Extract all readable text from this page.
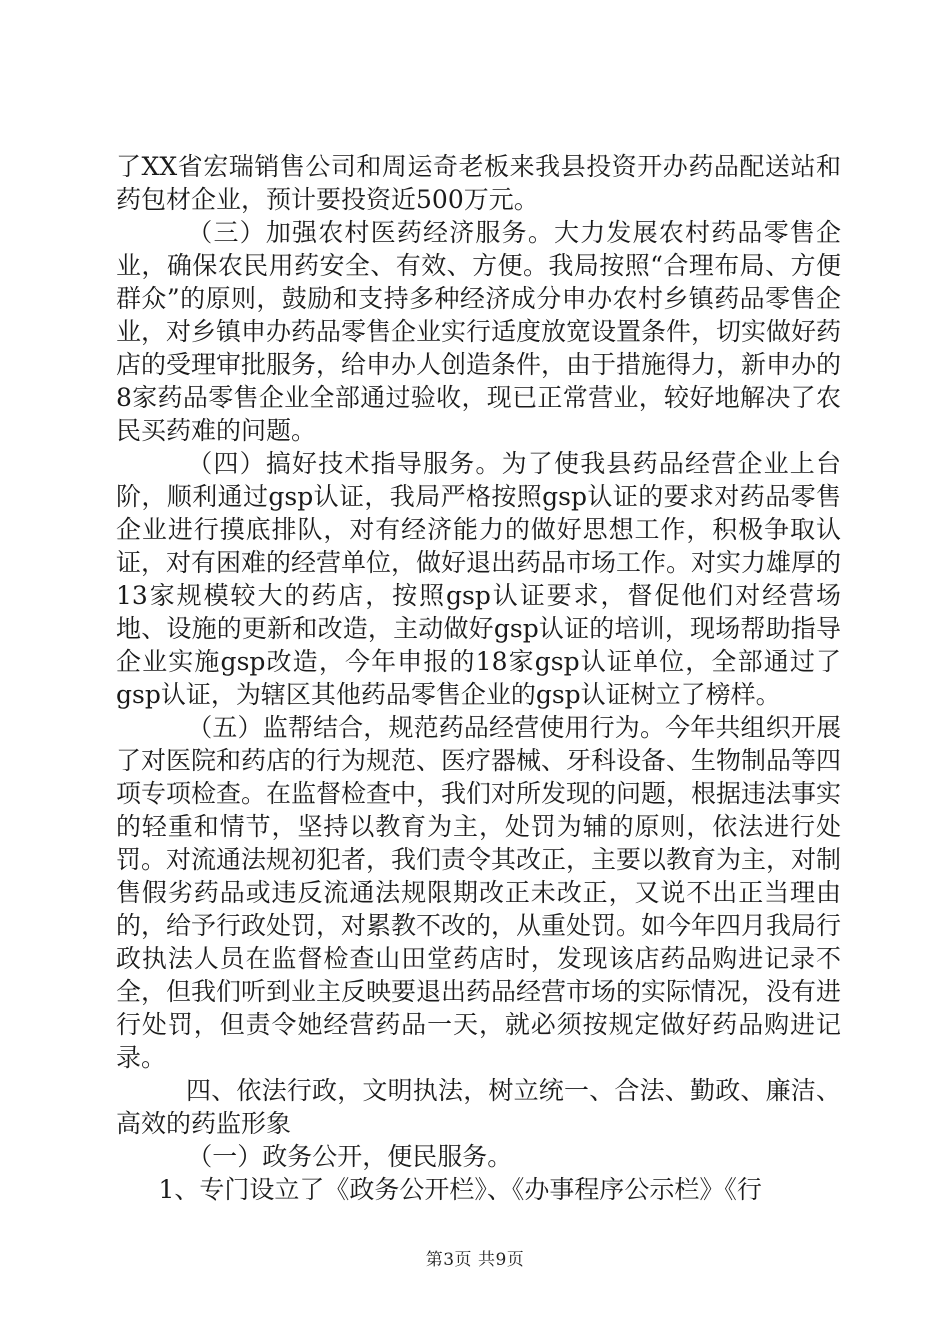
了XX省宏瑞销售公司和周运奇老板来我县投资开办药品配送站和药包材企业，预计要投资近500万元。

（三）加强农村医药经济服务。大力发展农村药品零售企业，确保农民用药安全、有效、方便。我局按照“合理布局、方便群众”的原则，鼓励和支持多种经济成分申办农村乡镇药品零售企业，对乡镇申办药品零售企业实行适度放宽设置条件，切实做好药店的受理审批服务，给申办人创造条件，由于措施得力，新申办的8家药品零售企业全部通过验收，现已正常营业，较好地解决了农民买药难的问题。

（四）搞好技术指导服务。为了使我县药品经营企业上台阶，顺利通过gsp认证，我局严格按照gsp认证的要求对药品零售企业进行摸底排队，对有经济能力的做好思想工作，积极争取认证，对有困难的经营单位，做好退出药品市场工作。对实力雄厚的13家规模较大的药店，按照gsp认证要求，督促他们对经营场地、设施的更新和改造，主动做好gsp认证的培训，现场帮助指导企业实施gsp改造，今年申报的18家gsp认证单位，全部通过了gsp认证，为辖区其他药品零售企业的gsp认证树立了榜样。

（五）监帮结合，规范药品经营使用行为。今年共组织开展了对医院和药店的行为规范、医疗器械、牙科设备、生物制品等四项专项检查。在监督检查中，我们对所发现的问题，根据违法事实的轻重和情节，坚持以教育为主，处罚为辅的原则，依法进行处罚。对流通法规初犯者，我们责令其改正，主要以教育为主，对制售假劣药品或违反流通法规限期改正未改正，又说不出正当理由的，给予行政处罚，对累教不改的，从重处罚。如今年四月我局行政执法人员在监督检查山田堂药店时，发现该店药品购进记录不全，但我们听到业主反映要退出药品经营市场的实际情况，没有进行处罚，但责令她经营药品一天，就必须按规定做好药品购进记录。

四、依法行政，文明执法，树立统一、合法、勤政、廉洁、高效的药监形象

（一）政务公开，便民服务。

1、专门设立了《政务公开栏》、《办事程序公示栏》《行

第3页 共9页
